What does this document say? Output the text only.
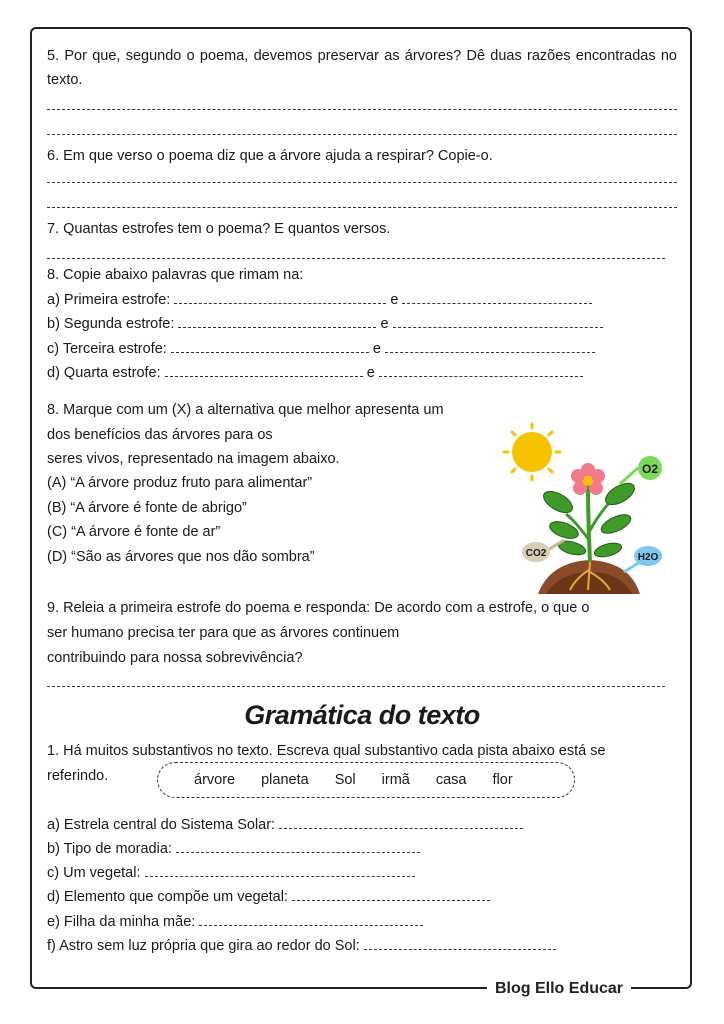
5. Por que, segundo o poema, devemos preservar as árvores? Dê duas razões encontradas no texto.
6. Em que verso o poema diz que a árvore ajuda a respirar? Copie-o.
7. Quantas estrofes tem o poema? E quantos versos.
8. Copie abaixo palavras que rimam na:
a) Primeira estrofe:	e
b) Segunda estrofe:	e
c) Terceira estrofe:	e
d) Quarta estrofe:	e
8. Marque com um (X) a alternativa que melhor apresenta um
dos benefícios das árvores para os
seres vivos, representado na imagem abaixo.
(A) “A árvore produz fruto para alimentar”
(B) “A árvore é fonte de abrigo”
(C) “A árvore é fonte de ar”
(D) “São as árvores que nos dão sombra”
O2
CO2	H2O
9. Releia a primeira estrofe do poema e responda: De acordo com a estrofe, o que o
ser humano precisa ter para que as árvores continuem
contribuindo para nossa sobrevivência?
Gramática do texto
1. Há muitos substantivos no texto. Escreva qual substantivo cada pista abaixo está se
referindo.	árvore planeta Sol irmã casa flor
a) Estrela central do Sistema Solar:
b) Tipo de moradia:
c) Um vegetal:
d) Elemento que compõe um vegetal:
e) Filha da minha mãe:
f) Astro sem luz própria que gira ao redor do Sol:
Blog Ello Educar
